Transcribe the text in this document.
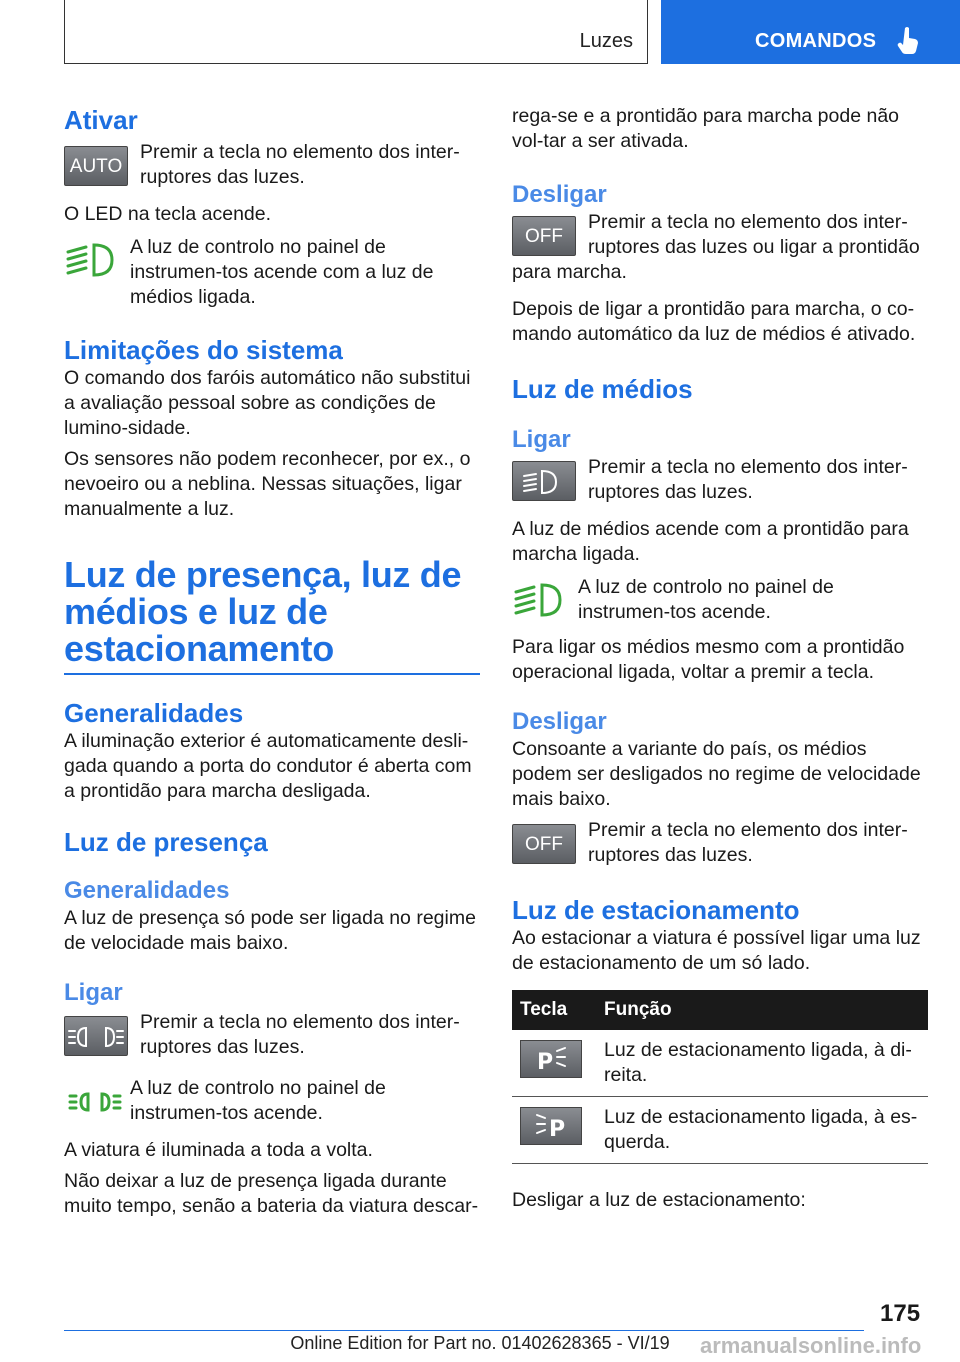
Luzes	COMANDOS
Ativar
AUTO

Premir a tecla no elemento dos inter-ruptores das luzes.

O LED na tecla acende.

A luz de controlo no painel de instrumen-tos acende com a luz de médios ligada.

Limitações do sistema

O comando dos faróis automático não substitui a avaliação pessoal sobre as condições de lumino-sidade.

Os sensores não podem reconhecer, por ex., o nevoeiro ou a neblina. Nessas situações, ligar manualmente a luz.

Luz de presença, luz de médios e luz de estacionamento
Generalidades

A iluminação exterior é automaticamente desli-gada quando a porta do condutor é aberta com a prontidão para marcha desligada.

Luz de presença
Generalidades

A luz de presença só pode ser ligada no regime de velocidade mais baixo.

Ligar

Premir a tecla no elemento dos inter-ruptores das luzes.

A luz de controlo no painel de instrumen-tos acende.

A viatura é iluminada a toda a volta.

Não deixar a luz de presença ligada durante muito tempo, senão a bateria da viatura descar-

rega-se e a prontidão para marcha pode não vol-tar a ser ativada.

Desligar
OFF

Premir a tecla no elemento dos inter-ruptores das luzes ou ligar a prontidão para marcha.

Depois de ligar a prontidão para marcha, o co-mando automático da luz de médios é ativado.

Luz de médios
Ligar

Premir a tecla no elemento dos inter-ruptores das luzes.

A luz de médios acende com a prontidão para marcha ligada.

A luz de controlo no painel de instrumen-tos acende.

Para ligar os médios mesmo com a prontidão operacional ligada, voltar a premir a tecla.

Desligar

Consoante a variante do país, os médios podem ser desligados no regime de velocidade mais baixo.

OFF

Premir a tecla no elemento dos inter-ruptores das luzes.

Luz de estacionamento

Ao estacionar a viatura é possível ligar uma luz de estacionamento de um só lado.

Tecla	Função

P	Luz de estacionamento ligada, à di-reita.

P	Luz de estacionamento ligada, à es-querda.

Desligar a luz de estacionamento:

175
armanualsonline.info
Online Edition for Part no. 01402628365 - VI/19
